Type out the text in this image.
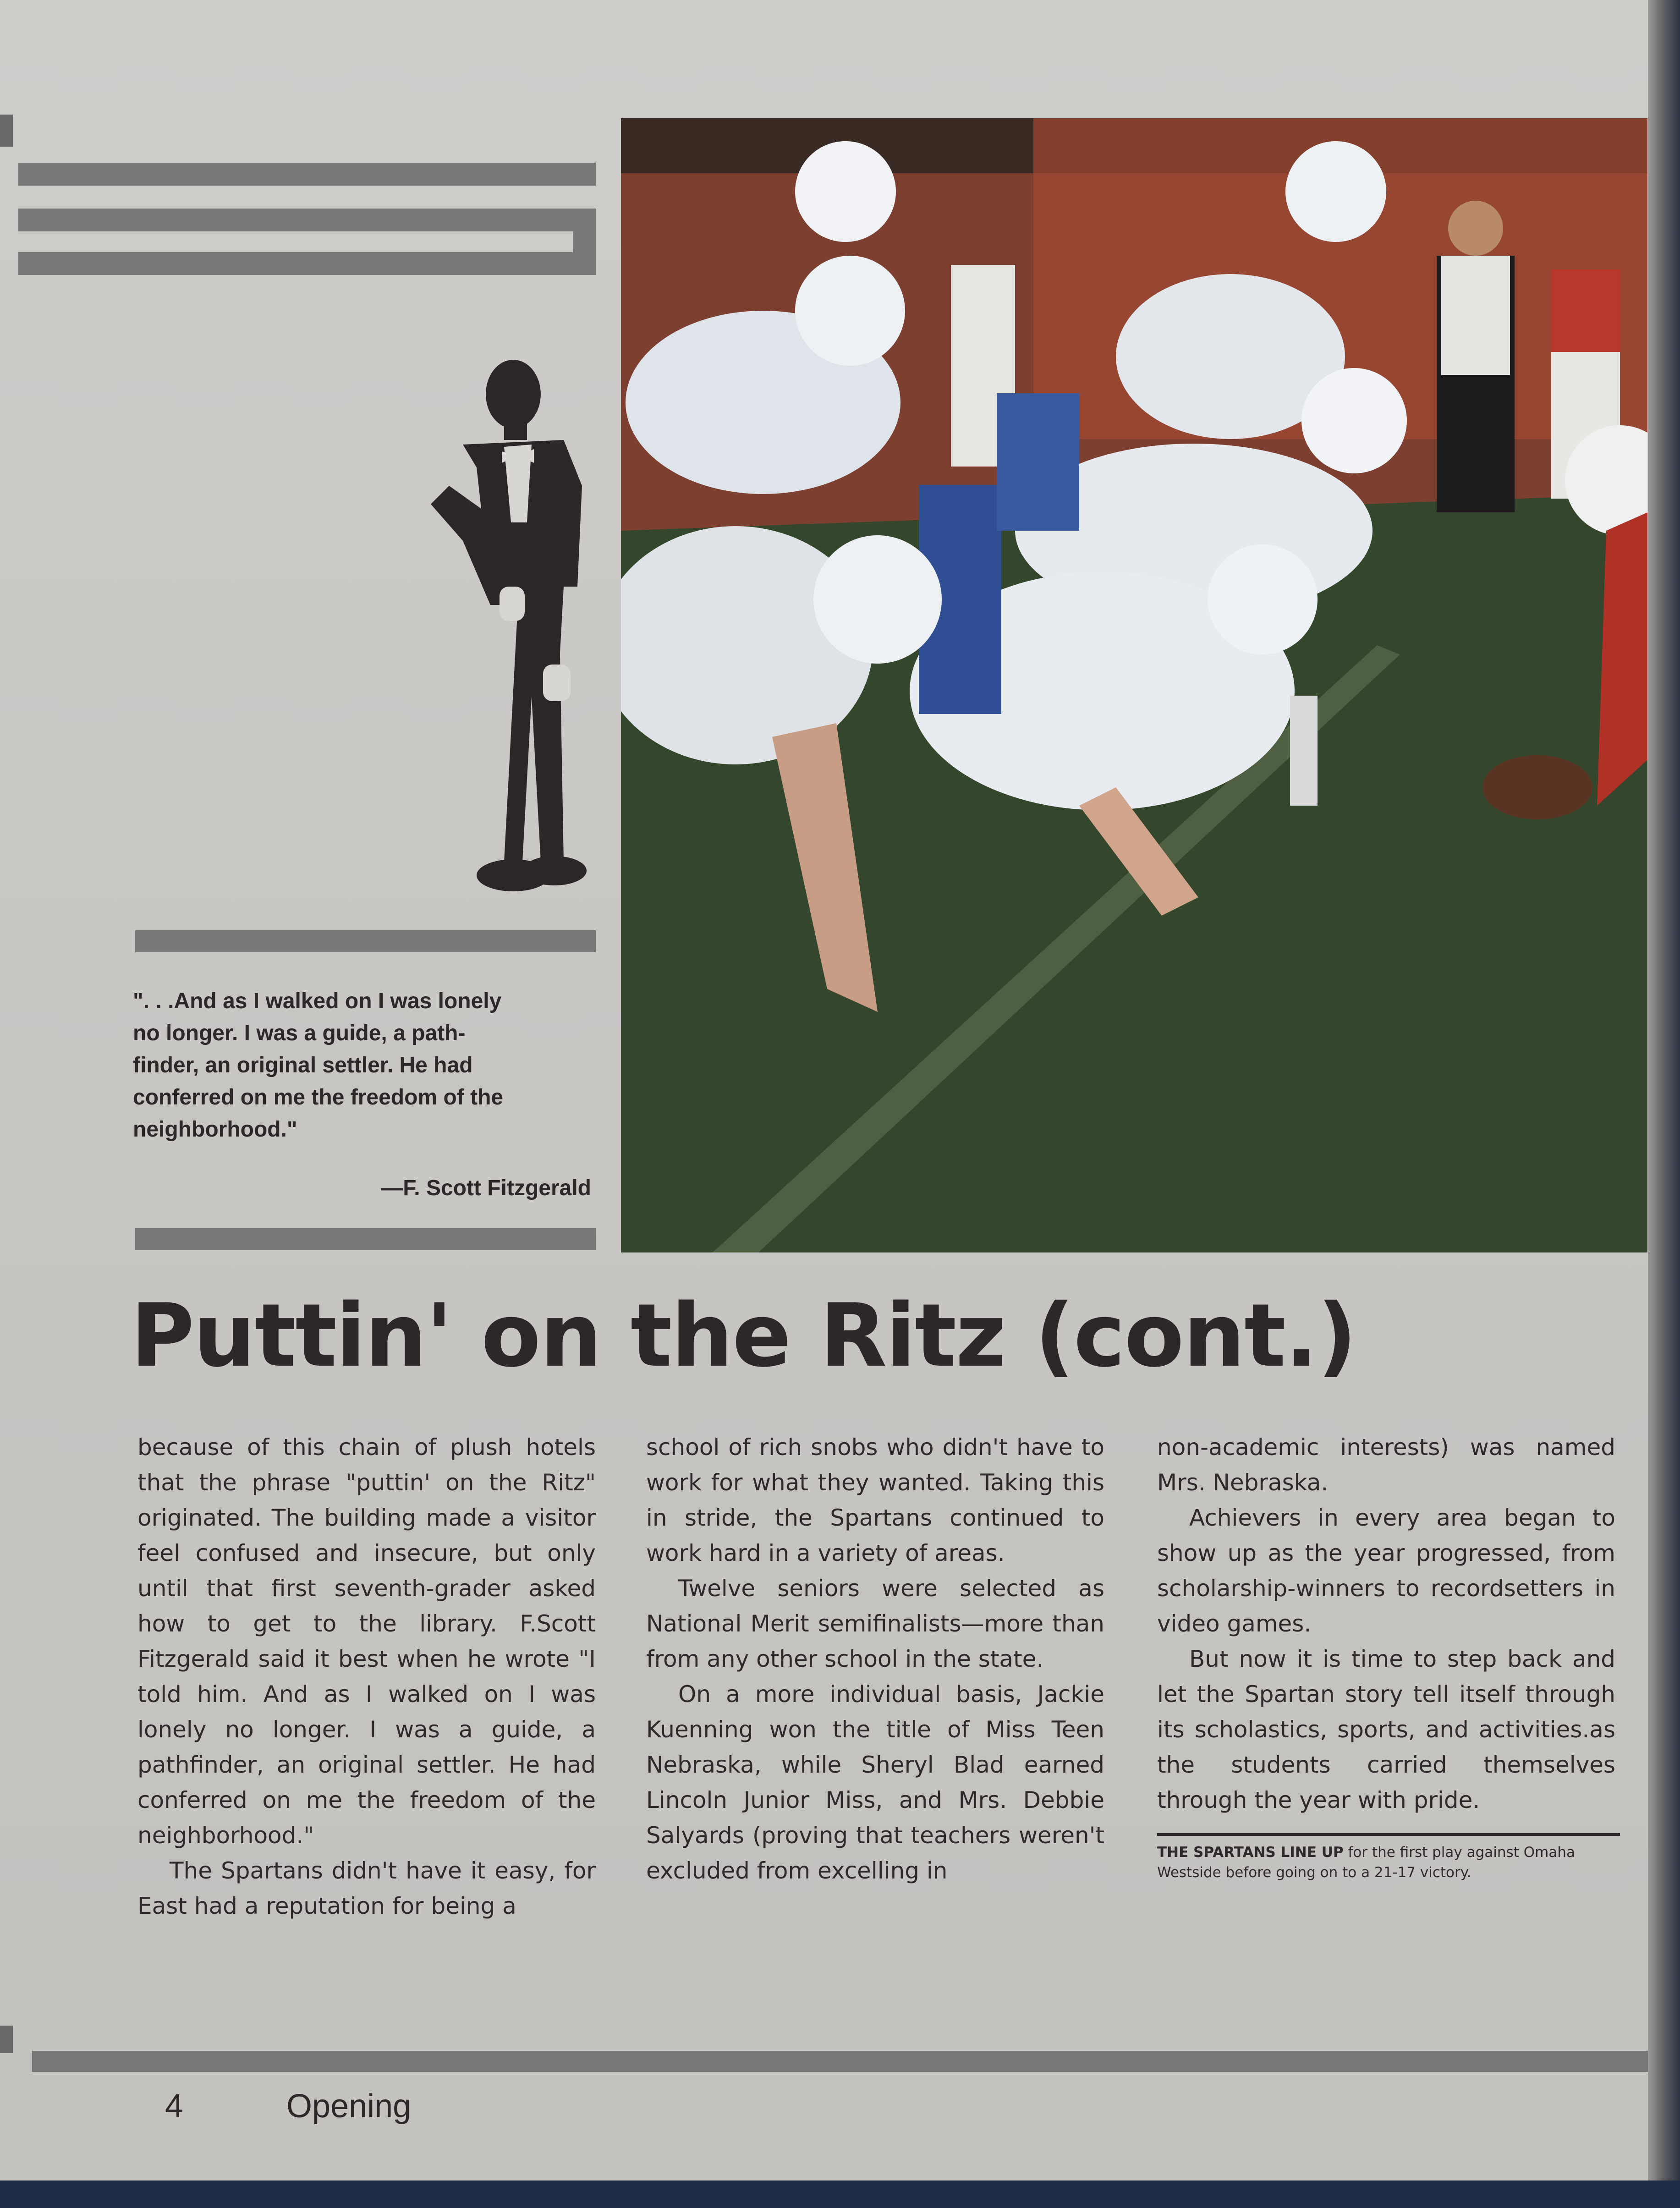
". . .And as I walked on I was lonely

no longer. I was a guide, a path-

finder, an original settler. He had

conferred on me the freedom of the

neighborhood."

—F. Scott Fitzgerald
Puttin' on the Ritz (cont.)

because of this chain of plush hotels that the phrase "puttin' on the Ritz" originated. The building made a visitor feel confused and insecure, but only until that first seventh-grader asked how to get to the library. F.Scott Fitzgerald said it best when he wrote "I told him. And as I walked on I was lonely no longer. I was a guide, a pathfinder, an original settler. He had conferred on me the freedom of the neighborhood."

The Spartans didn't have it easy, for East had a reputation for being a

school of rich snobs who didn't have to work for what they wanted. Taking this in stride, the Spartans continued to work hard in a variety of areas.

Twelve seniors were selected as National Merit semifinalists—more than from any other school in the state.

On a more individual basis, Jackie Kuenning won the title of Miss Teen Nebraska, while Sheryl Blad earned Lincoln Junior Miss, and Mrs. Debbie Salyards (proving that teachers weren't excluded from excelling in

non-academic interests) was named Mrs. Nebraska.

Achievers in every area began to show up as the year progressed, from scholarship-winners to recordsetters in video games.

But now it is time to step back and let the Spartan story tell itself through its scholastics, sports, and activities.as the students carried themselves through the year with pride.

THE SPARTANS LINE UP for the first play against Omaha Westside before going on to a 21-17 victory.
4	Opening
